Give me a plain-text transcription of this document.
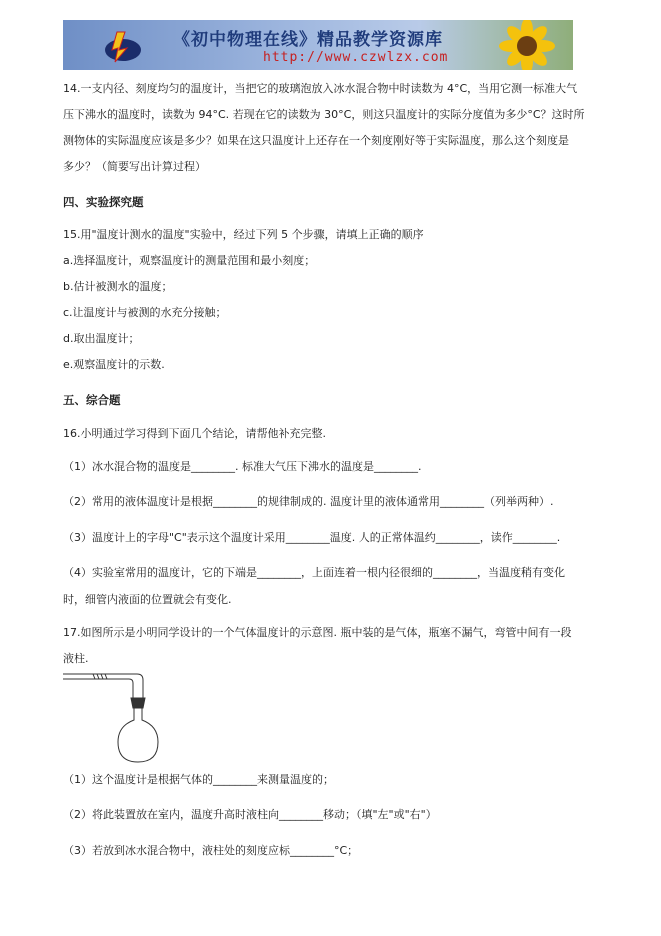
《初中物理在线》精品教学资源库
http://www.czwlzx.com
14.一支内径、刻度均匀的温度计，当把它的玻璃泡放入冰水混合物中时读数为 4°C，当用它测一标准大气
压下沸水的温度时，读数为 94°C. 若现在它的读数为 30°C，则这只温度计的实际分度值为多少°C？这时所
测物体的实际温度应该是多少？如果在这只温度计上还存在一个刻度刚好等于实际温度，那么这个刻度是
多少？（简要写出计算过程）
四、实验探究题
15.用"温度计测水的温度"实验中，经过下列 5 个步骤，请填上正确的顺序
a.选择温度计，观察温度计的测量范围和最小刻度；
b.估计被测水的温度；
c.让温度计与被测的水充分接触；
d.取出温度计；
e.观察温度计的示数.
五、综合题
16.小明通过学习得到下面几个结论，请帮他补充完整.
（1）冰水混合物的温度是________. 标准大气压下沸水的温度是________.
（2）常用的液体温度计是根据________的规律制成的. 温度计里的液体通常用________（列举两种）.
（3）温度计上的字母"C"表示这个温度计采用________温度. 人的正常体温约________，读作________.
（4）实验室常用的温度计，它的下端是________，上面连着一根内径很细的________，当温度稍有变化
时，细管内液面的位置就会有变化.
17.如图所示是小明同学设计的一个气体温度计的示意图. 瓶中装的是气体，瓶塞不漏气，弯管中间有一段
液柱.
（1）这个温度计是根据气体的________来测量温度的；
（2）将此装置放在室内，温度升高时液柱向________移动；（填"左"或"右"）
（3）若放到冰水混合物中，液柱处的刻度应标________°C；
